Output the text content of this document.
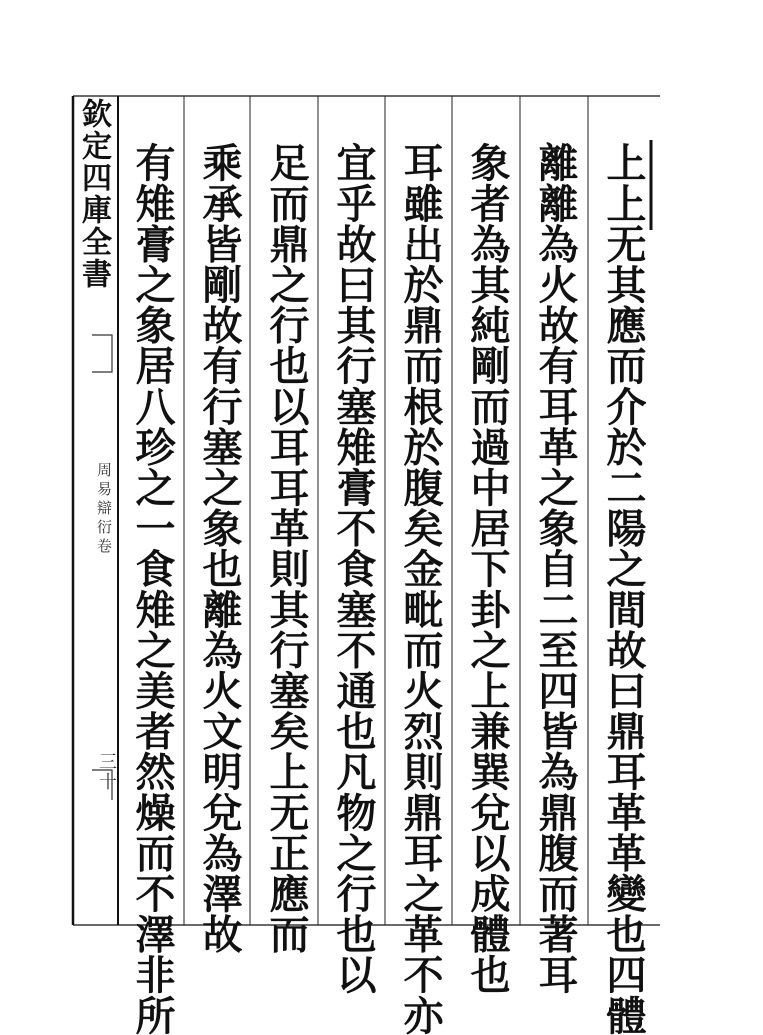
欽定四庫全書
周易辯衍卷
三十	上上无其應而介於二陽之間故曰鼎耳革革變也四體
離離為火故有耳革之象自二至四皆為鼎腹而著耳
象者為其純剛而過中居下卦之上兼巽兌以成體也
耳雖出於鼎而根於腹矣金毗而火烈則鼎耳之革不亦
宜乎故曰其行塞雉膏不食塞不通也凡物之行也以
足而鼎之行也以耳耳革則其行塞矣上无正應而
乘承皆剛故有行塞之象也離為火文明兌為澤故
有雉膏之象居八珍之一食雉之美者然燥而不澤非所
